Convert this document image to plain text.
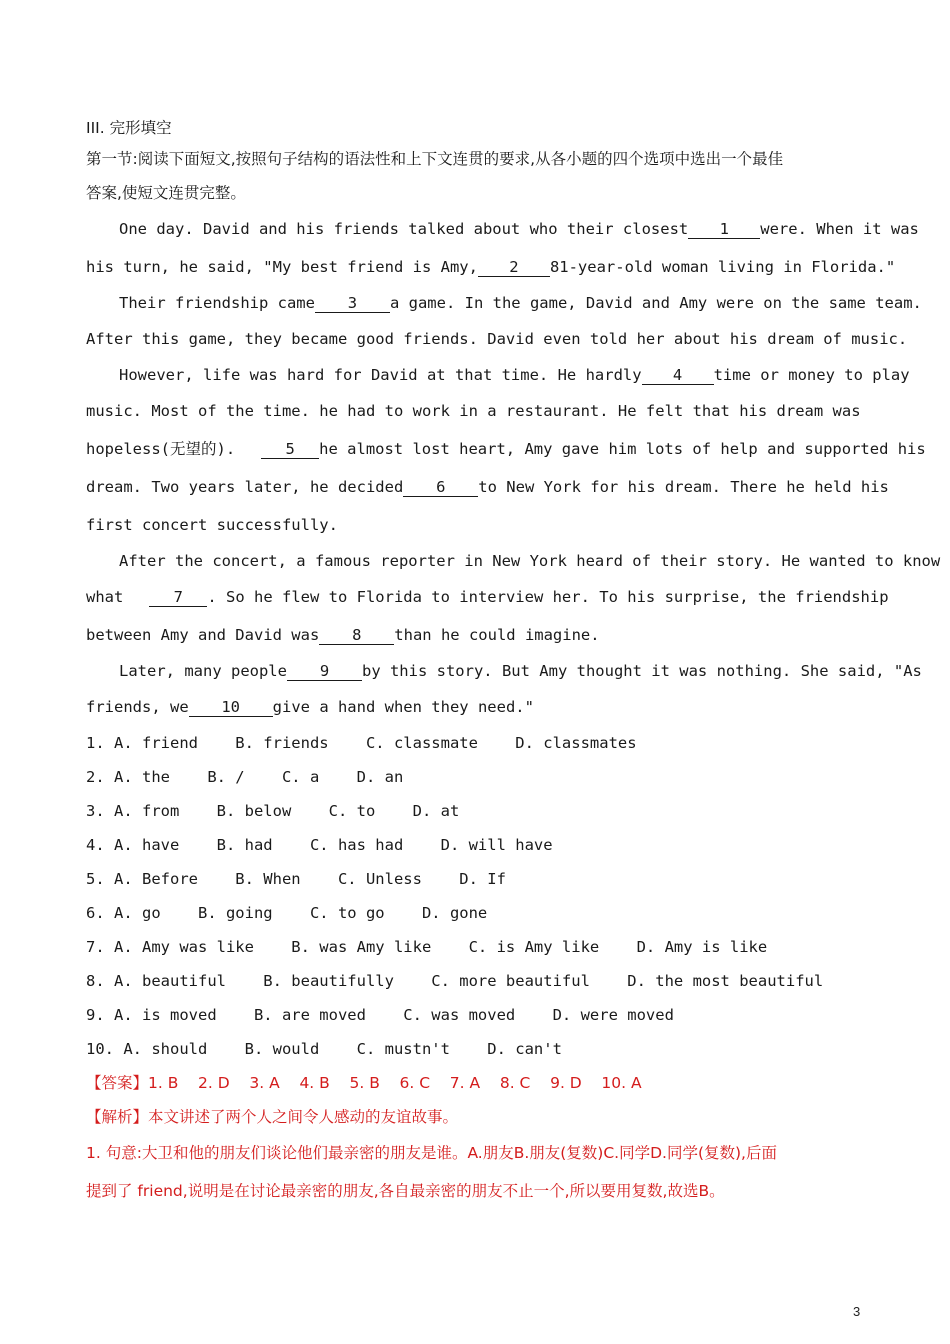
III. 完形填空
第一节:阅读下面短文,按照句子结构的语法性和上下文连贯的要求,从各小题的四个选项中选出一个最佳
答案,使短文连贯完整。
One day. David and his friends talked about who their closest 1 were. When it was
his turn, he said, "My best friend is Amy, 2 81-year-old woman living in Florida."
Their friendship came 3 a game. In the game, David and Amy were on the same team.
After this game, they became good friends. David even told her about his dream of music.
However, life was hard for David at that time. He hardly 4 time or money to play
music. Most of the time. he had to work in a restaurant. He felt that his dream was
hopeless(无望的).	5 he almost lost heart, Amy gave him lots of help and supported his
dream. Two years later, he decided 6 to New York for his dream. There he held his
first concert successfully.
After the concert, a famous reporter in New York heard of their story. He wanted to know
what	7 . So he flew to Florida to interview her. To his surprise, the friendship
between Amy and David was 8 than he could imagine.
Later, many people 9 by this story. But Amy thought it was nothing. She said, "As
friends, we 10 give a hand when they need."
1. A. friend    B. friends    C. classmate    D. classmates
2. A. the    B. /    C. a    D. an
3. A. from    B. below    C. to    D. at
4. A. have    B. had    C. has had    D. will have
5. A. Before    B. When    C. Unless    D. If
6. A. go    B. going    C. to go    D. gone
7. A. Amy was like    B. was Amy like    C. is Amy like    D. Amy is like
8. A. beautiful    B. beautifully    C. more beautiful    D. the most beautiful
9. A. is moved    B. are moved    C. was moved    D. were moved
10. A. should    B. would    C. mustn't    D. can't
【答案】1. B    2. D    3. A    4. B    5. B    6. C    7. A    8. C    9. D    10. A
【解析】本文讲述了两个人之间令人感动的友谊故事。
1. 句意:大卫和他的朋友们谈论他们最亲密的朋友是谁。A.朋友B.朋友(复数)C.同学D.同学(复数),后面
提到了 friend,说明是在讨论最亲密的朋友,各自最亲密的朋友不止一个,所以要用复数,故选B。
3
